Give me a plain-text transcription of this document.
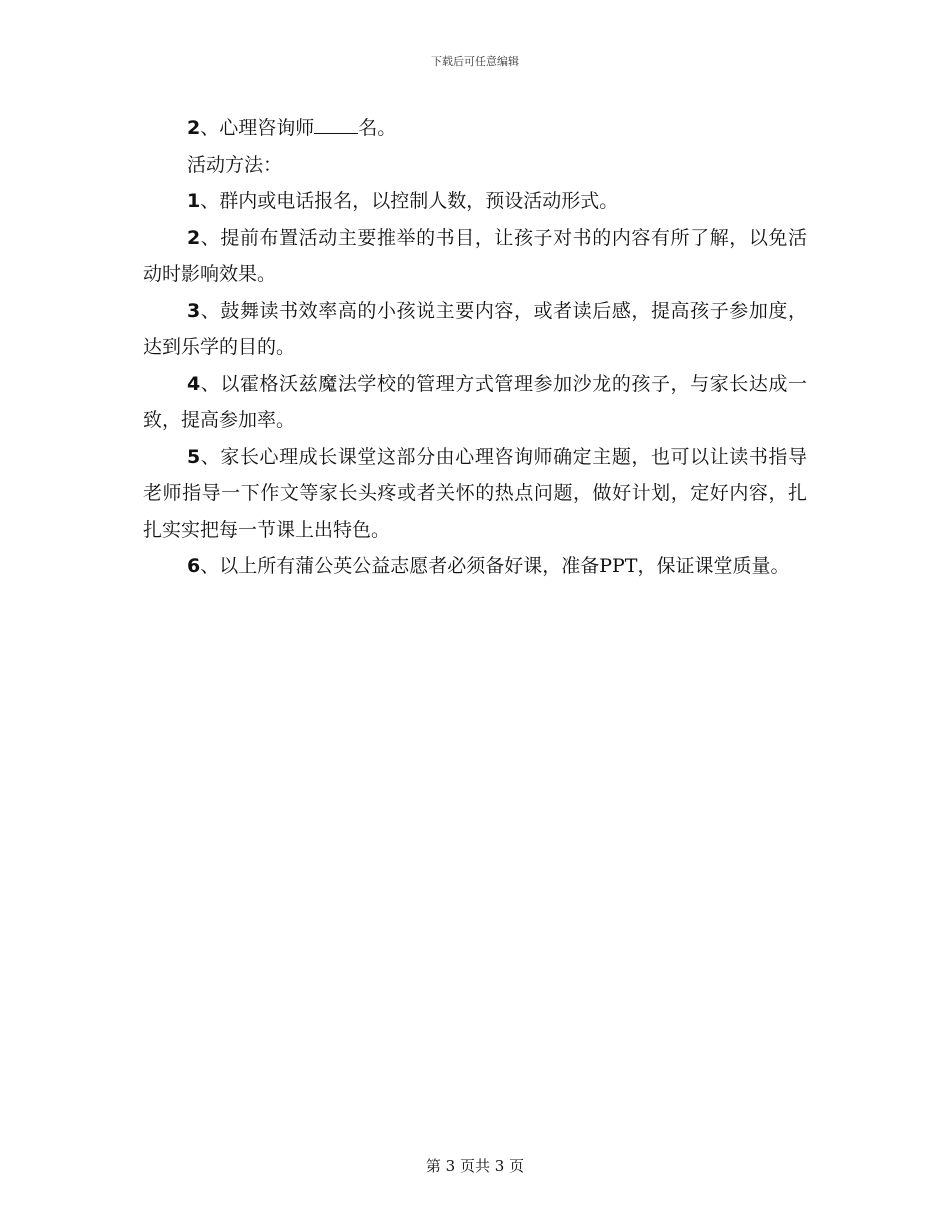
下载后可任意编辑

2、心理咨询师 名。

活动方法：

1、群内或电话报名，以控制人数，预设活动形式。

2、提前布置活动主要推举的书目，让孩子对书的内容有所了解，以免活动时影响效果。

3、鼓舞读书效率高的小孩说主要内容，或者读后感，提高孩子参加度，达到乐学的目的。

4、以霍格沃兹魔法学校的管理方式管理参加沙龙的孩子，与家长达成一致，提高参加率。

5、家长心理成长课堂这部分由心理咨询师确定主题，也可以让读书指导老师指导一下作文等家长头疼或者关怀的热点问题，做好计划，定好内容，扎扎实实把每一节课上出特色。

6、以上所有蒲公英公益志愿者必须备好课，准备PPT，保证课堂质量。

第 3 页共 3 页
